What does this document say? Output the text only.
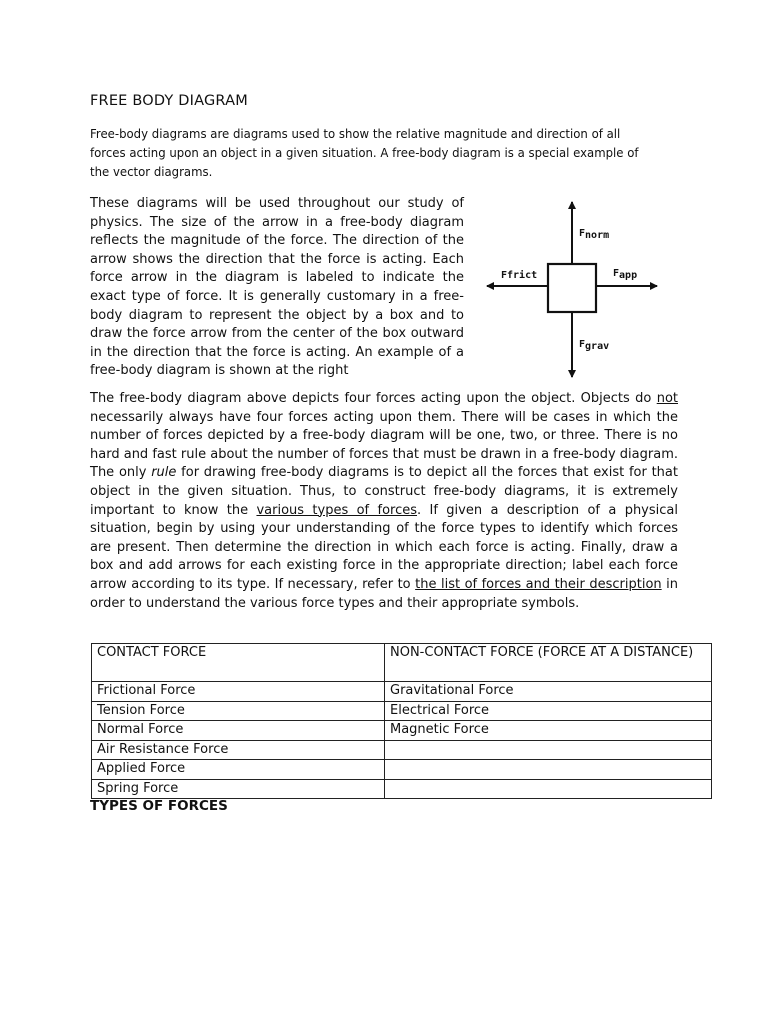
FREE BODY DIAGRAM
Free-body diagrams are diagrams used to show the relative magnitude and direction of all forces acting upon an object in a given situation. A free-body diagram is a special example of the vector diagrams.
These diagrams will be used throughout our study of physics. The size of the arrow in a free-body diagram reflects the magnitude of the force. The direction of the arrow shows the direction that the force is acting. Each force arrow in the diagram is labeled to indicate the exact type of force. It is generally customary in a free-body diagram to represent the object by a box and to draw the force arrow from the center of the box outward in the direction that the force is acting. An example of a free-body diagram is shown at the right
Fnorm
Fapp
Ffrict
Fgrav
The free-body diagram above depicts four forces acting upon the object. Objects do not necessarily always have four forces acting upon them. There will be cases in which the number of forces depicted by a free-body diagram will be one, two, or three. There is no hard and fast rule about the number of forces that must be drawn in a free-body diagram. The only rule for drawing free-body diagrams is to depict all the forces that exist for that object in the given situation. Thus, to construct free-body diagrams, it is extremely important to know the various types of forces. If given a description of a physical situation, begin by using your understanding of the force types to identify which forces are present. Then determine the direction in which each force is acting. Finally, draw a box and add arrows for each existing force in the appropriate direction; label each force arrow according to its type. If necessary, refer to the list of forces and their description in order to understand the various force types and their appropriate symbols.
CONTACT FORCE	NON-CONTACT FORCE (FORCE AT A DISTANCE)
Frictional Force	Gravitational Force
Tension Force	Electrical Force
Normal Force	Magnetic Force
Air Resistance Force	
Applied Force	
Spring Force	
TYPES OF FORCES
